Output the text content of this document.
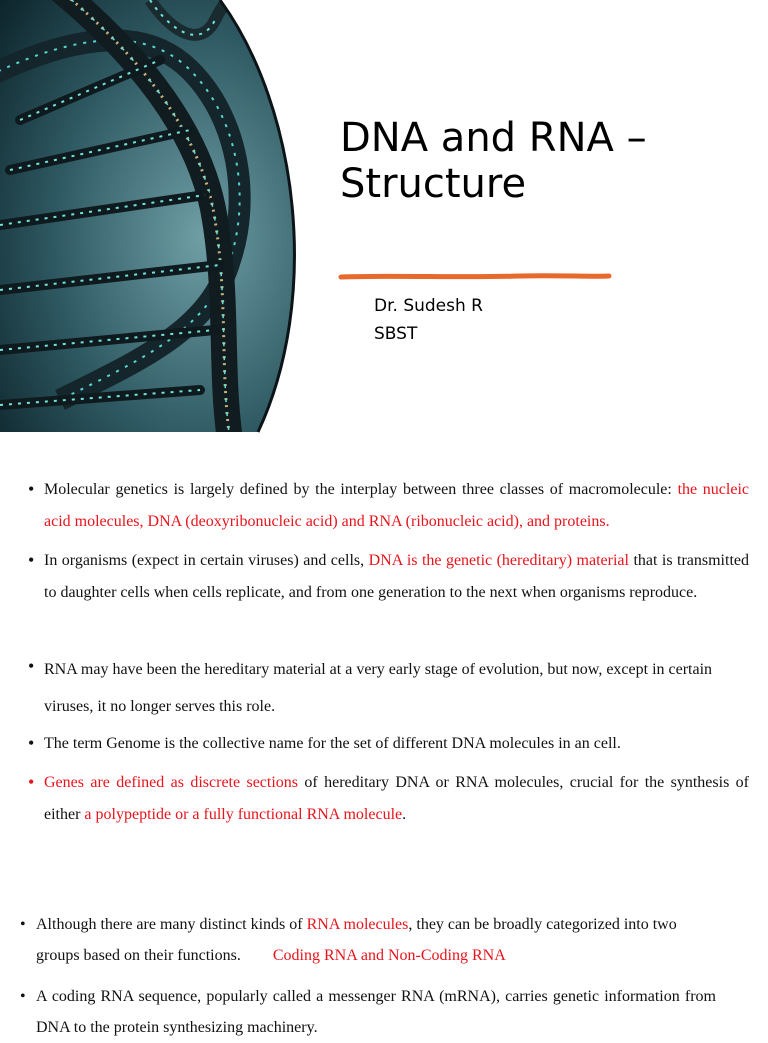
DNA and RNA –
Structure
Dr. Sudesh R
SBST
• Molecular genetics is largely defined by the interplay between three classes of macromolecule: the nucleic acid molecules, DNA (deoxyribonucleic acid) and RNA (ribonucleic acid), and proteins.
• In organisms (expect in certain viruses) and cells, DNA is the genetic (hereditary) material that is transmitted to daughter cells when cells replicate, and from one generation to the next when organisms reproduce.
• RNA may have been the hereditary material at a very early stage of evolution, but now, except in certain viruses, it no longer serves this role.
• The term Genome is the collective name for the set of different DNA molecules in an cell.
• Genes are defined as discrete sections of hereditary DNA or RNA molecules, crucial for the synthesis of either a polypeptide or a fully functional RNA molecule.
• Although there are many distinct kinds of RNA molecules, they can be broadly categorized into two groups based on their functions. Coding RNA and Non-Coding RNA
• A coding RNA sequence, popularly called a messenger RNA (mRNA), carries genetic information from DNA to the protein synthesizing machinery.
